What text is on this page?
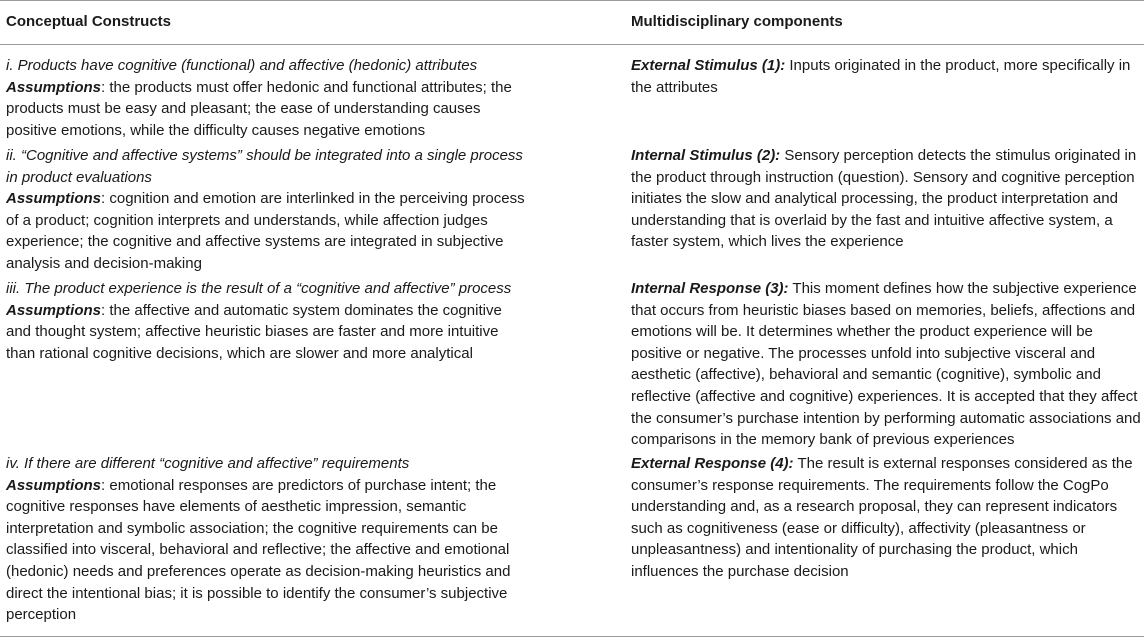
Conceptual Constructs	Multidisciplinary components

i. Products have cognitive (functional) and affective (hedonic) attributes

Assumptions: the products must offer hedonic and functional attributes; the products must be easy and pleasant; the ease of understanding causes positive emotions, while the difficulty causes negative emotions

External Stimulus (1): Inputs originated in the product, more specifically in the attributes

ii. “Cognitive and affective systems” should be integrated into a single process in product evaluations

Assumptions: cognition and emotion are interlinked in the perceiving process of a product; cognition interprets and understands, while affection judges experience; the cognitive and affective systems are integrated in subjective analysis and decision-making

Internal Stimulus (2): Sensory perception detects the stimulus originated in the product through instruction (question). Sensory and cognitive perception initiates the slow and analytical processing, the product interpretation and understanding that is overlaid by the fast and intuitive affective system, a faster system, which lives the experience

iii. The product experience is the result of a “cognitive and affective” process

Assumptions: the affective and automatic system dominates the cognitive and thought system; affective heuristic biases are faster and more intuitive than rational cognitive decisions, which are slower and more analytical

Internal Response (3): This moment defines how the subjective experience that occurs from heuristic biases based on memories, beliefs, affections and emotions will be. It determines whether the product experience will be positive or negative. The processes unfold into subjective visceral and aesthetic (affective), behavioral and semantic (cognitive), symbolic and reflective (affective and cognitive) experiences. It is accepted that they affect the consumer’s purchase intention by performing automatic associations and comparisons in the memory bank of previous experiences

iv. If there are different “cognitive and affective” requirements

Assumptions: emotional responses are predictors of purchase intent; the cognitive responses have elements of aesthetic impression, semantic interpretation and symbolic association; the cognitive requirements can be classified into visceral, behavioral and reflective; the affective and emotional (hedonic) needs and preferences operate as decision-making heuristics and direct the intentional bias; it is possible to identify the consumer’s subjective perception

External Response (4): The result is external responses considered as the consumer’s response requirements. The requirements follow the CogPo understanding and, as a research proposal, they can represent indicators such as cognitiveness (ease or difficulty), affectivity (pleasantness or unpleasantness) and intentionality of purchasing the product, which influences the purchase decision
